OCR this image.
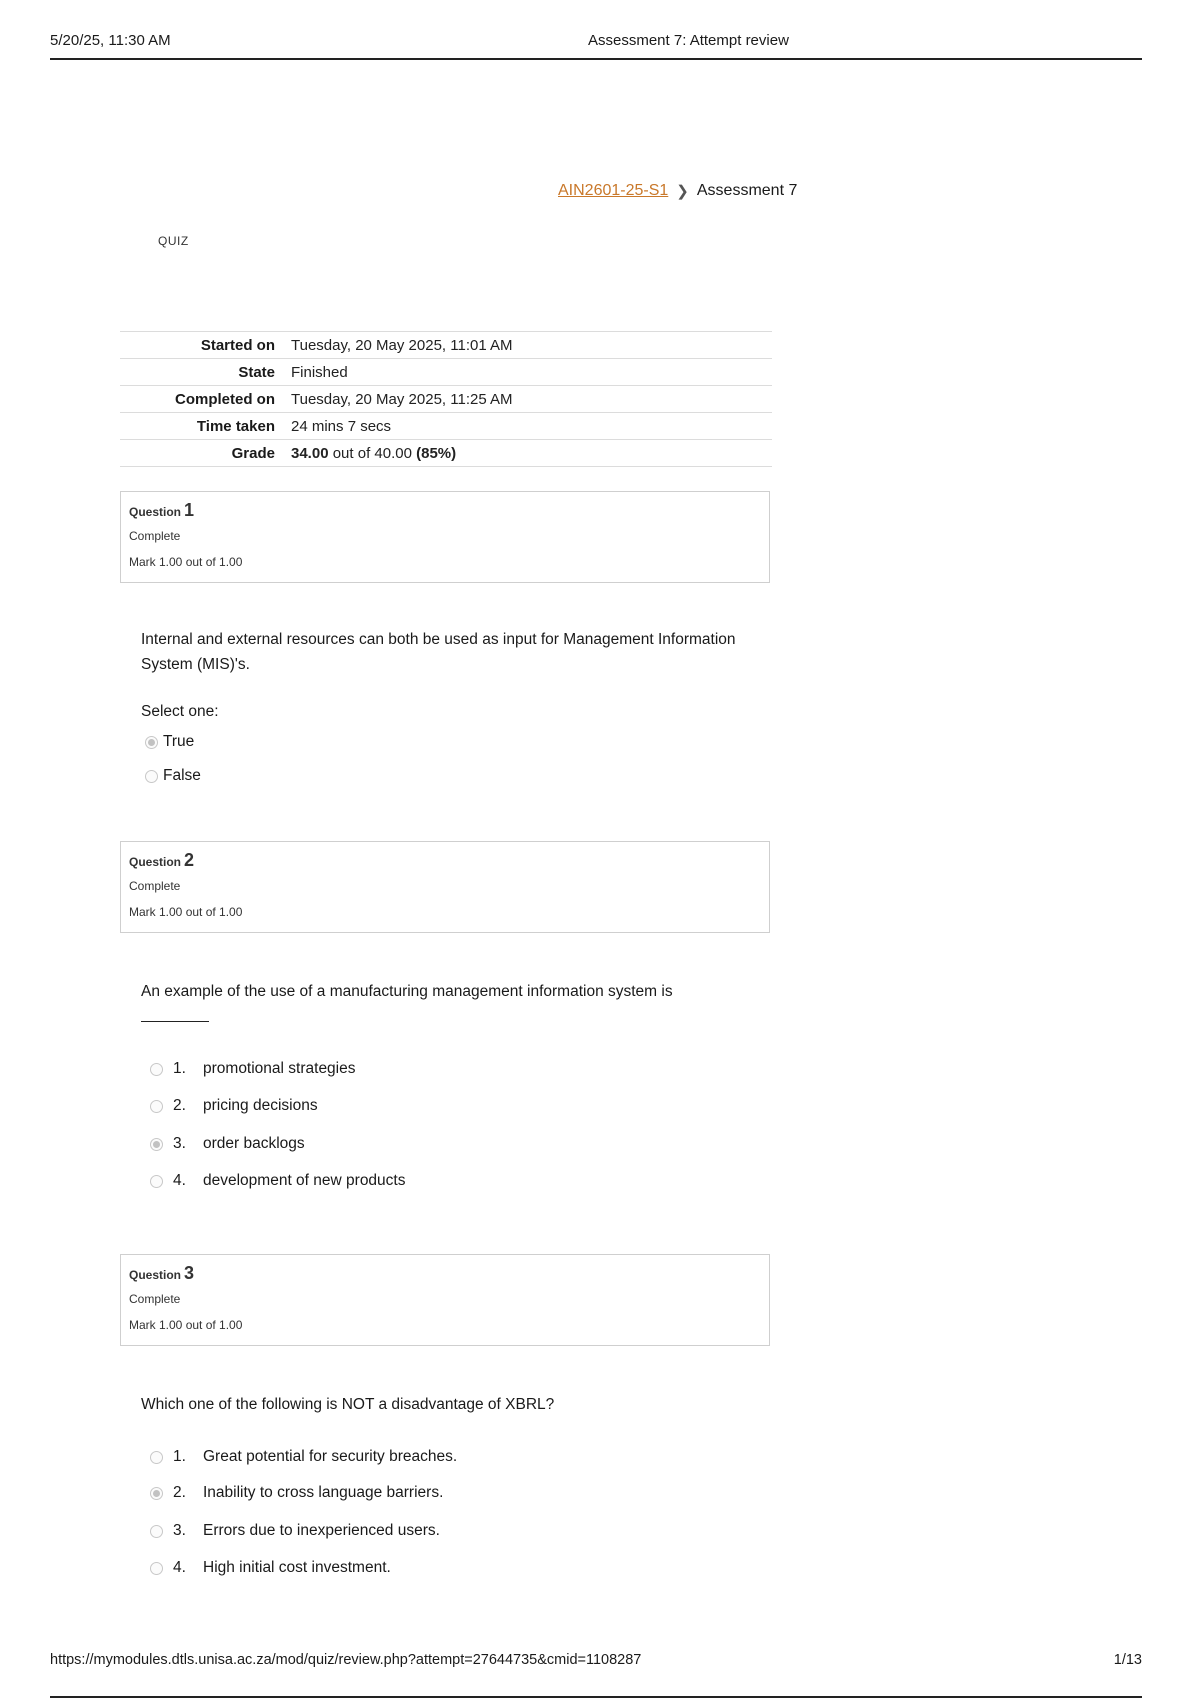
5/20/25, 11:30 AM	Assessment 7: Attempt review
AIN2601-25-S1 ❯ Assessment 7
QUIZ
Started on	Tuesday, 20 May 2025, 11:01 AM
State	Finished
Completed on	Tuesday, 20 May 2025, 11:25 AM
Time taken	24 mins 7 secs
Grade	34.00 out of 40.00 (85%)
Question 1
Complete
Mark 1.00 out of 1.00
Internal and external resources can both be used as input for Management Information System (MIS)'s.
Select one:
True
False
Question 2
Complete
Mark 1.00 out of 1.00
An example of the use of a manufacturing management information system is
1.	promotional strategies
2.	pricing decisions
3.	order backlogs
4.	development of new products
Question 3
Complete
Mark 1.00 out of 1.00
Which one of the following is NOT a disadvantage of XBRL?
1.	Great potential for security breaches.
2.	Inability to cross language barriers.
3.	Errors due to inexperienced users.
4.	High initial cost investment.
https://mymodules.dtls.unisa.ac.za/mod/quiz/review.php?attempt=27644735&cmid=1108287	1/13
